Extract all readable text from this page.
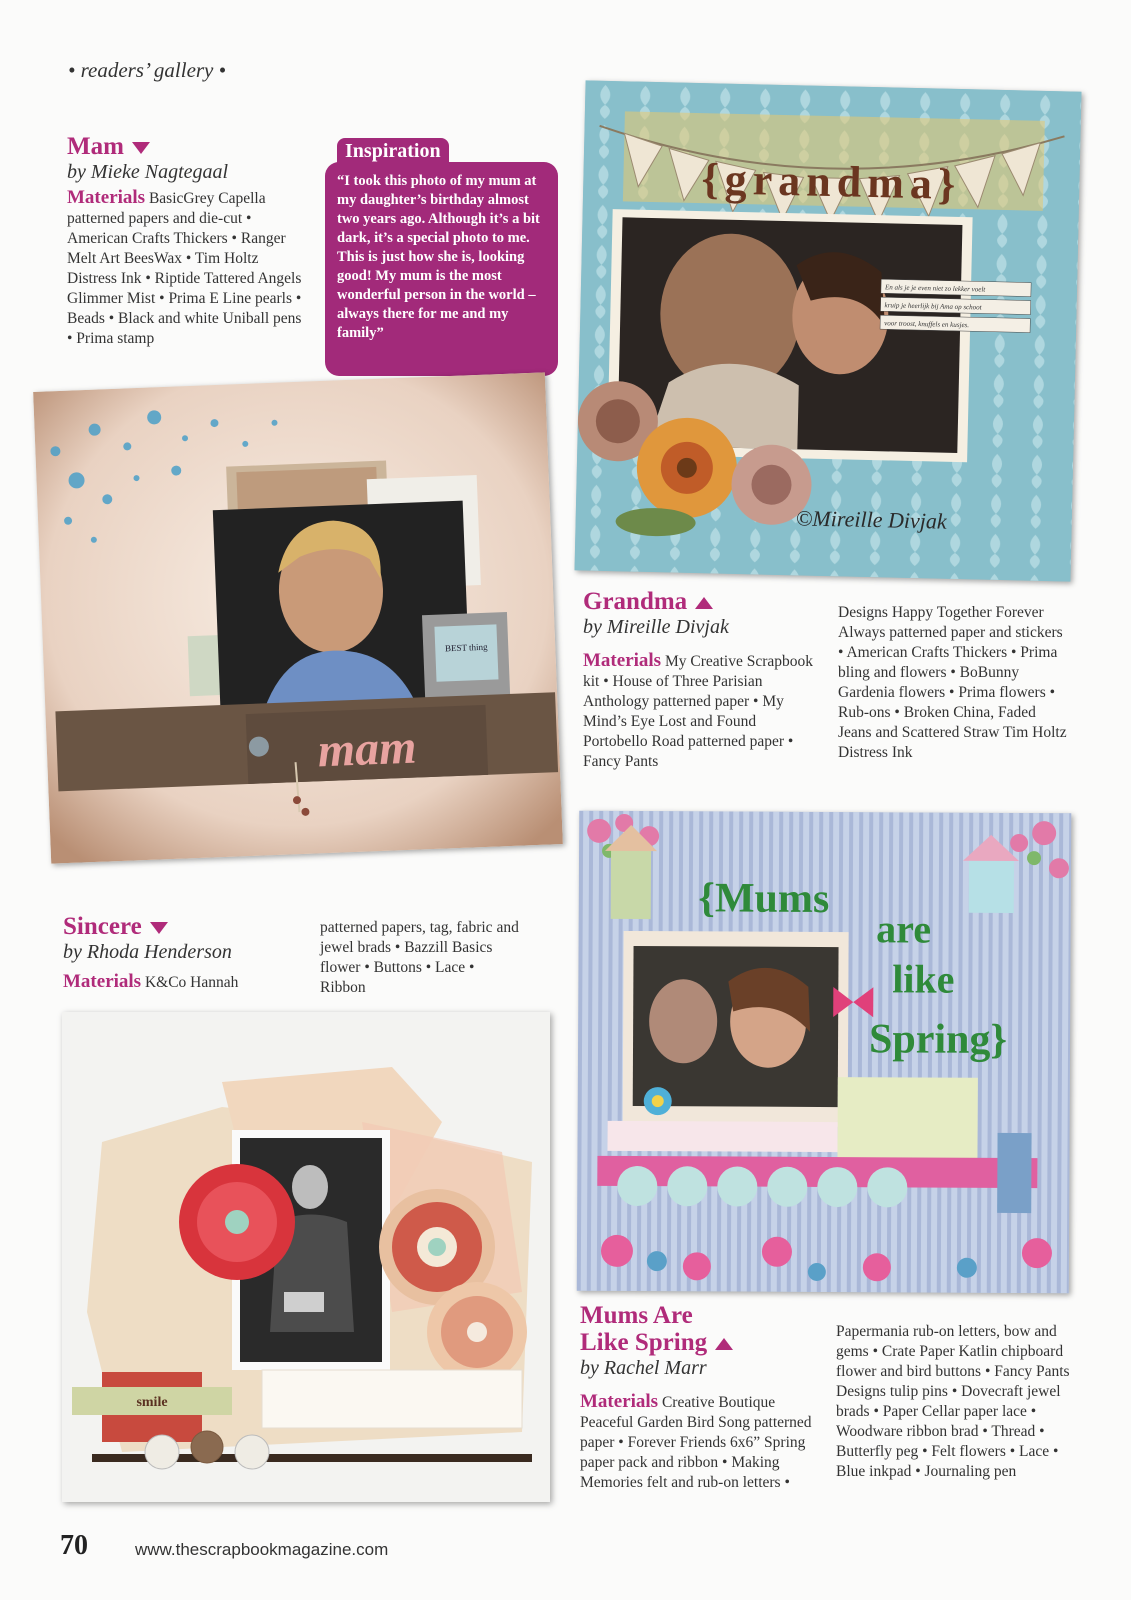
• readers’ gallery •
Mam
by Mieke Nagtegaal
Materials BasicGrey Capella patterned papers and die-cut • American Crafts Thickers • Ranger Melt Art BeesWax • Tim Holtz Distress Ink • Riptide Tattered Angels Glimmer Mist • Prima E Line pearls • Beads • Black and white Uniball pens • Prima stamp
“I took this photo of my mum at my daughter’s birthday almost two years ago. Although it’s a bit dark, it’s a special photo to me. This is just how she is, looking good! My mum is the most wonderful person in the world – always there for me and my family”
Inspiration
BEST thing
mam
{grandma}
En als je je even niet zo lekker voelt
kruip je heerlijk bij Ama op schoot
voor troost, knuffels en kusjes.
©Mireille Divjak
Grandma
by Mireille Divjak
Materials My Creative Scrapbook kit • House of Three Parisian Anthology patterned paper • My Mind’s Eye Lost and Found Portobello Road patterned paper • Fancy Pants
Designs Happy Together Forever Always patterned paper and stickers • American Crafts Thickers • Prima bling and flowers • BoBunny Gardenia flowers • Prima flowers • Rub-ons • Broken China, Faded Jeans and Scattered Straw Tim Holtz Distress Ink
Sincere
by Rhoda Henderson
Materials K&Co Hannah
patterned papers, tag, fabric and jewel brads • Bazzill Basics flower • Buttons • Lace • Ribbon
smile
{Mums
are
like
Spring}
Mums Are
Like Spring
by Rachel Marr
Materials Creative Boutique Peaceful Garden Bird Song patterned paper • Forever Friends 6x6” Spring paper pack and ribbon • Making Memories felt and rub-on letters •
Papermania rub-on letters, bow and gems • Crate Paper Katlin chipboard flower and bird buttons • Fancy Pants Designs tulip pins • Dovecraft jewel brads • Paper Cellar paper lace • Woodware ribbon brad • Thread • Butterfly peg • Felt flowers • Lace • Blue inkpad • Journaling pen
70	www.thescrapbookmagazine.com
